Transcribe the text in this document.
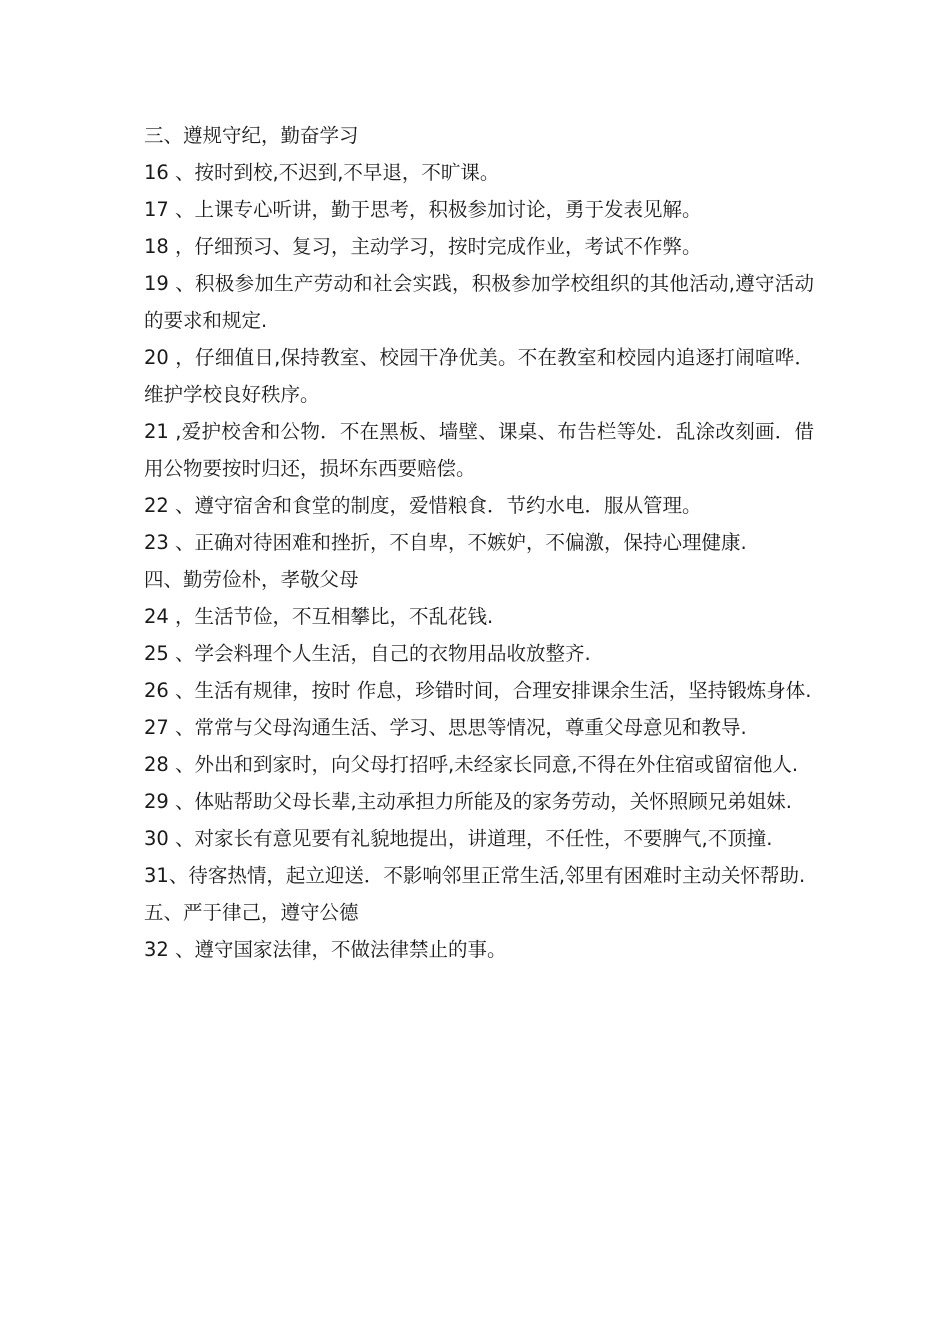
三、遵规守纪，勤奋学习

16 、按时到校,不迟到,不早退，不旷课。

17 、上课专心听讲，勤于思考，积极参加讨论，勇于发表见解。

18 ，仔细预习、复习，主动学习，按时完成作业，考试不作弊。

19 、积极参加生产劳动和社会实践，积极参加学校组织的其他活动,遵守活动的要求和规定.

20 ，仔细值日,保持教室、校园干净优美。不在教室和校园内追逐打闹喧哗．维护学校良好秩序。

21 ,爱护校舍和公物．不在黑板、墙壁、课桌、布告栏等处．乱涂改刻画．借用公物要按时归还，损坏东西要赔偿。

22 、遵守宿舍和食堂的制度，爱惜粮食．节约水电．服从管理。

23 、正确对待困难和挫折，不自卑，不嫉妒，不偏激，保持心理健康.

四、勤劳俭朴，孝敬父母

24 ，生活节俭，不互相攀比，不乱花钱.

25 、学会料理个人生活，自己的衣物用品收放整齐.

26 、生活有规律，按时 作息，珍错时间，合理安排课余生活，坚持锻炼身体.

27 、常常与父母沟通生活、学习、思思等情况，尊重父母意见和教导.

28 、外出和到家时，向父母打招呼,未经家长同意,不得在外住宿或留宿他人.

29 、体贴帮助父母长辈,主动承担力所能及的家务劳动，关怀照顾兄弟姐妹.

30 、对家长有意见要有礼貌地提出，讲道理，不任性，不要脾气,不顶撞.

31、待客热情，起立迎送．不影响邻里正常生活,邻里有困难时主动关怀帮助.

五、严于律己，遵守公德

32 、遵守国家法律，不做法律禁止的事。
